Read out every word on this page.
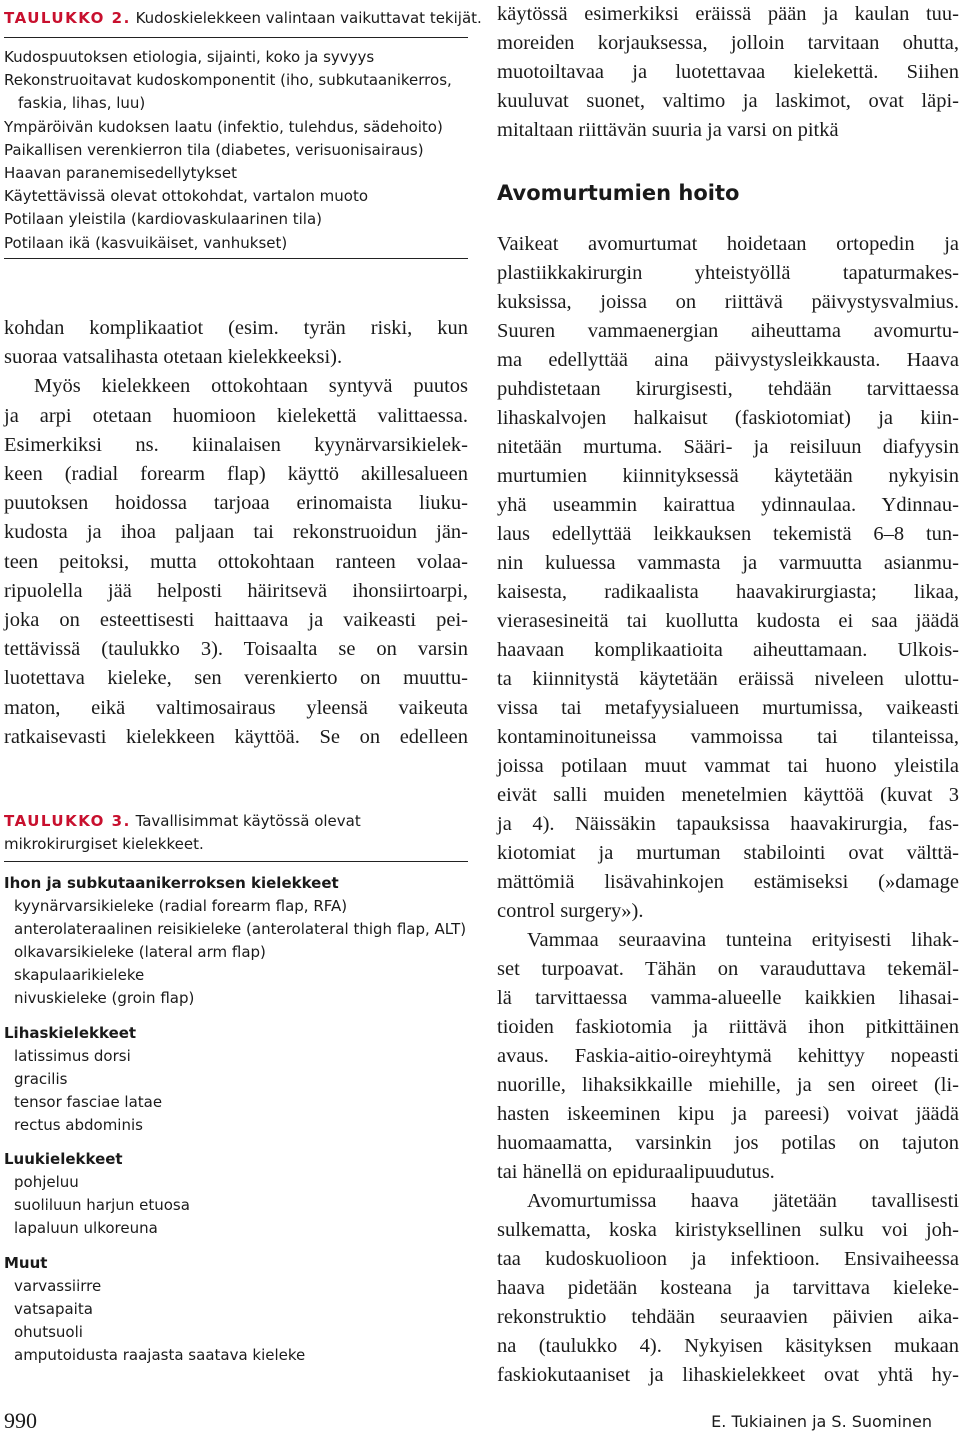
TAULUKKO 2. Kudoskielekkeen valintaan vaikuttavat tekijät.
Kudospuutoksen etiologia, sijainti, koko ja syvyys
Rekonstruoitavat kudoskomponentit (iho, subkutaanikerros,
faskia, lihas, luu)
Ympäröivän kudoksen laatu (infektio, tulehdus, sädehoito)
Paikallisen verenkierron tila (diabetes, verisuonisairaus)
Haavan paranemisedellytykset
Käytettävissä olevat ottokohdat, vartalon muoto
Potilaan yleistila (kardiovaskulaarinen tila)
Potilaan ikä (kasvuikäiset, vanhukset)
kohdan komplikaatiot (esim. tyrän riski, kun
suoraa vatsalihasta otetaan kielekkeeksi).
Myös kielekkeen ottokohtaan syntyvä puutos
ja arpi otetaan huomioon kielekettä valittaessa.
Esimerkiksi ns. kiinalaisen kyynärvarsikielek-
keen (radial forearm flap) käyttö akillesalueen
puutoksen hoidossa tarjoaa erinomaista liuku-
kudosta ja ihoa paljaan tai rekonstruoidun jän-
teen peitoksi, mutta ottokohtaan ranteen volaa-
ripuolella jää helposti häiritsevä ihonsiirtoarpi,
joka on esteettisesti haittaava ja vaikeasti pei-
tettävissä (taulukko 3). Toisaalta se on varsin
luotettava kieleke, sen verenkierto on muuttu-
maton, eikä valtimosairaus yleensä vaikeuta
ratkaisevasti kielekkeen käyttöä. Se on edelleen
TAULUKKO 3. Tavallisimmat käytössä olevat mikrokirurgiset kielekkeet.
Ihon ja subkutaanikerroksen kielekkeet
kyynärvarsikieleke (radial forearm flap, RFA)
anterolateraalinen reisikieleke (anterolateral thigh flap, ALT)
olkavarsikieleke (lateral arm flap)
skapulaarikieleke
nivuskieleke (groin flap)
Lihaskielekkeet
latissimus dorsi
gracilis
tensor fasciae latae
rectus abdominis
Luukielekkeet
pohjeluu
suoliluun harjun etuosa
lapaluun ulkoreuna
Muut
varvassiirre
vatsapaita
ohutsuoli
amputoidusta raajasta saatava kieleke
käytössä esimerkiksi eräissä pään ja kaulan tuu-
moreiden korjauksessa, jolloin tarvitaan ohutta,
muotoiltavaa ja luotettavaa kielekettä. Siihen
kuuluvat suonet, valtimo ja laskimot, ovat läpi-
mitaltaan riittävän suuria ja varsi on pitkä
Avomurtumien hoito
Vaikeat avomurtumat hoidetaan ortopedin ja
plastiikkakirurgin yhteistyöllä tapaturmakes-
kuksissa, joissa on riittävä päivystysvalmius.
Suuren vammaenergian aiheuttama avomurtu-
ma edellyttää aina päivystysleikkausta. Haava
puhdistetaan kirurgisesti, tehdään tarvittaessa
lihaskalvojen halkaisut (faskiotomiat) ja kiin-
nitetään murtuma. Sääri- ja reisiluun diafyysin
murtumien kiinnityksessä käytetään nykyisin
yhä useammin kairattua ydinnaulaa. Ydinnau-
laus edellyttää leikkauksen tekemistä 6–8 tun-
nin kuluessa vammasta ja varmuutta asianmu-
kaisesta, radikaalista haavakirurgiasta; likaa,
vierasesineitä tai kuollutta kudosta ei saa jäädä
haavaan komplikaatioita aiheuttamaan. Ulkois-
ta kiinnitystä käytetään eräissä niveleen ulottu-
vissa tai metafyysialueen murtumissa, vaikeasti
kontaminoituneissa vammoissa tai tilanteissa,
joissa potilaan muut vammat tai huono yleistila
eivät salli muiden menetelmien käyttöä (kuvat 3
ja 4). Näissäkin tapauksissa haavakirurgia, fas-
kiotomiat ja murtuman stabilointi ovat välttä-
mättömiä lisävahinkojen estämiseksi (»damage
control surgery»).
Vammaa seuraavina tunteina erityisesti lihak-
set turpoavat. Tähän on varauduttava tekemäl-
lä tarvittaessa vamma-alueelle kaikkien lihasai-
tioiden faskiotomia ja riittävä ihon pitkittäinen
avaus. Faskia-aitio-oireyhtymä kehittyy nopeasti
nuorille, lihaksikkaille miehille, ja sen oireet (li-
hasten iskeeminen kipu ja pareesi) voivat jäädä
huomaamatta, varsinkin jos potilas on tajuton
tai hänellä on epiduraalipuudutus.
Avomurtumissa haava jätetään tavallisesti
sulkematta, koska kiristyksellinen sulku voi joh-
taa kudoskuolioon ja infektioon. Ensivaiheessa
haava pidetään kosteana ja tarvittava kieleke-
rekonstruktio tehdään seuraavien päivien aika-
na (taulukko 4). Nykyisen käsityksen mukaan
faskiokutaaniset ja lihaskielekkeet ovat yhtä hy-
990	E. Tukiainen ja S. Suominen
